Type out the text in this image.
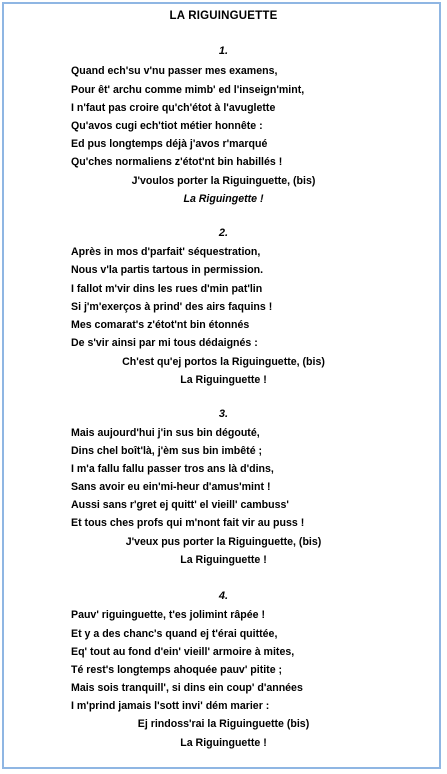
LA RIGUINGUETTE
1.
Quand ech'su v'nu passer mes examens,
Pour êt' archu comme mimb' ed l'inseign'mint,
I n'faut pas croire qu'ch'étot à l'avuglette
Qu'avos cugi ech'tiot métier honnête :
Ed pus longtemps déjà j'avos r'marqué
Qu'ches normaliens z'étot'nt bin habillés !
J'voulos porter la Riguinguette, (bis)
La Riguingette !
2.
Après in mos d'parfait' séquestration,
Nous v'la partis tartous in permission.
I fallot m'vir dins les rues d'min pat'lin
Si j'm'exerços à prind' des airs faquins !
Mes comarat's z'étot'nt bin étonnés
De s'vir ainsi par mi tous dédaignés :
Ch'est qu'ej portos la Riguinguette, (bis)
La Riguinguette !
3.
Mais aujourd'hui j'in sus bin dégouté,
Dins chel boît'là, j'èm sus bin imbêté ;
I m'a fallu fallu passer tros ans là d'dins,
Sans avoir eu ein'mi-heur d'amus'mint !
Aussi sans r'gret ej quitt' el vieill' cambuss'
Et tous ches profs qui m'nont fait vir au puss !
J'veux pus porter la Riguinguette, (bis)
La Riguinguette !
4.
Pauv' riguinguette, t'es jolimint râpée !
Et y a des chanc's quand ej t'érai quittée,
Eq' tout au fond d'ein' vieill' armoire à mites,
Té rest's longtemps ahoquée pauv' pitite ;
Mais sois tranquill', si dins ein coup' d'années
I m'prind jamais l'sott invi' dém marier :
Ej rindoss'rai la Riguinguette (bis)
La Riguinguette !
